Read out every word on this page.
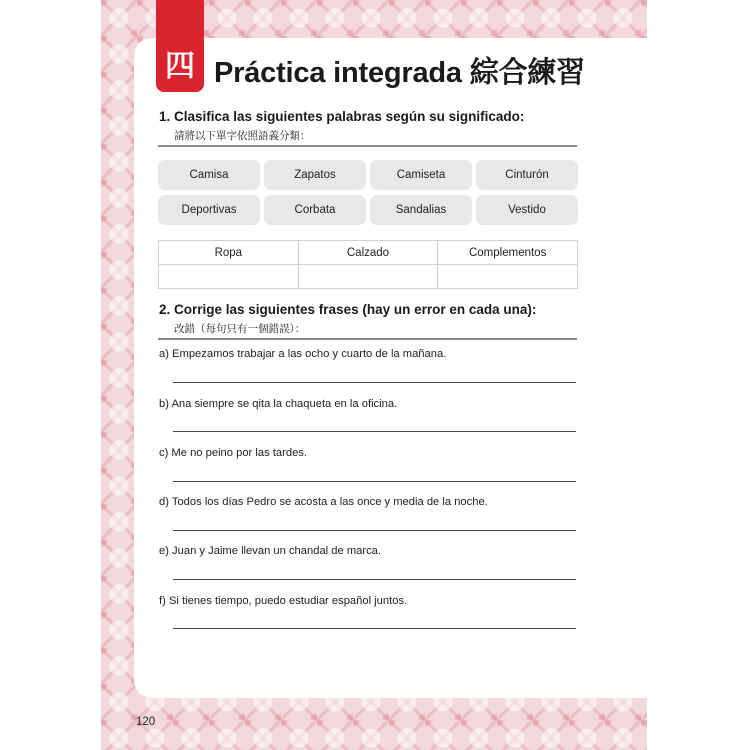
四 Práctica integrada 綜合練習
1. Clasifica las siguientes palabras según su significado:
請將以下單字依照語義分類：
Camisa	Zapatos	Camiseta	Cinturón
Deportivas	Corbata	Sandalias	Vestido
Ropa	Calzado	Complementos

2. Corrige las siguientes frases (hay un error en cada una):
改錯（每句只有一個錯誤）：
a) Empezamos trabajar a las ocho y cuarto de la mañana.
b) Ana siempre se qita la chaqueta en la oficina.
c) Me no peino por las tardes.
d) Todos los días Pedro se acosta a las once y media de la noche.
e) Juan y Jaime llevan un chandal de marca.
f) Si tienes tiempo, puedo estudiar español juntos.
120
